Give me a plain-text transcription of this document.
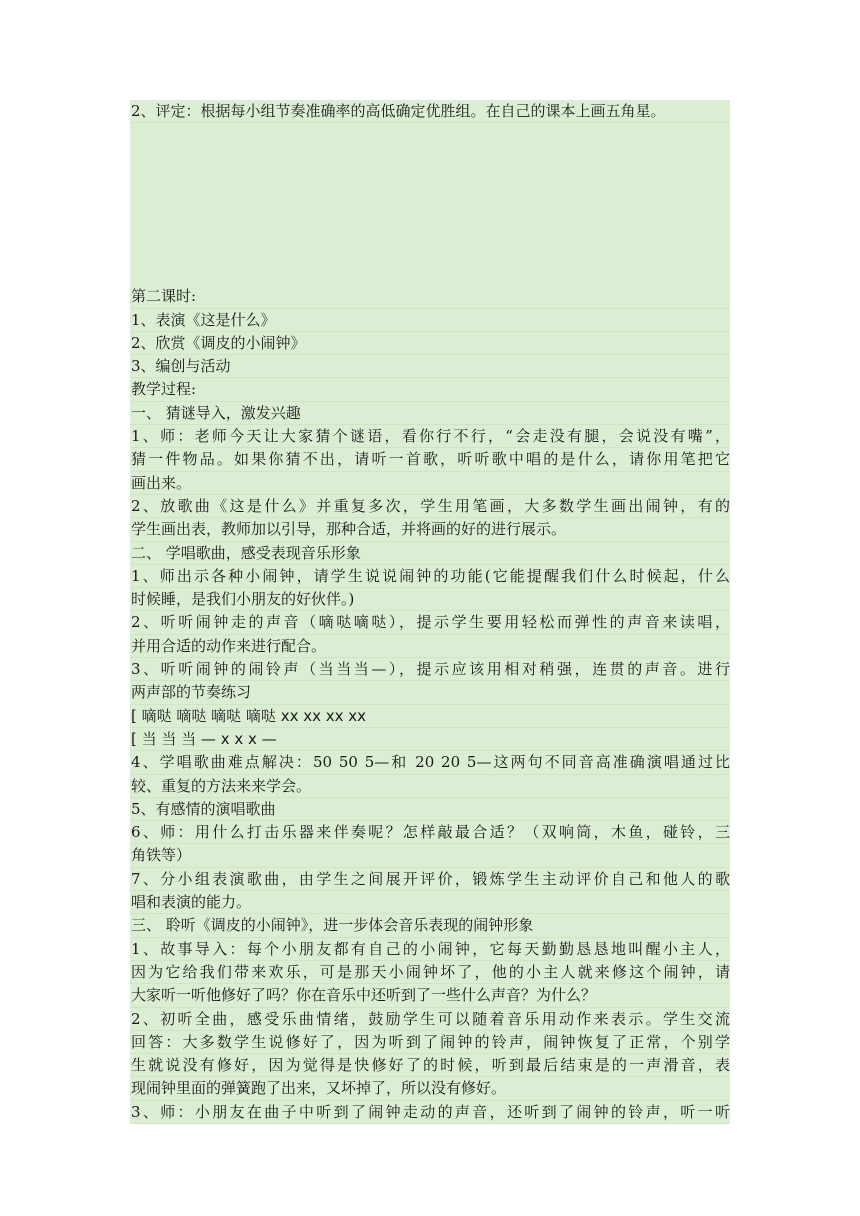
2、评定：根据每小组节奏准确率的高低确定优胜组。在自己的课本上画五角星。
第二课时:
1、表演《这是什么》
2、欣赏《调皮的小闹钟》
3、编创与活动
教学过程:
一、 猜谜导入，激发兴趣
1、师：老师今天让大家猜个谜语，看你行不行，“会走没有腿，会说没有嘴”，
猜一件物品。如果你猜不出，请听一首歌，听听歌中唱的是什么，请你用笔把它
画出来。
2、放歌曲《这是什么》并重复多次，学生用笔画，大多数学生画出闹钟，有的
学生画出表，教师加以引导，那种合适，并将画的好的进行展示。
二、 学唱歌曲，感受表现音乐形象
1、师出示各种小闹钟，请学生说说闹钟的功能(它能提醒我们什么时候起，什么
时候睡，是我们小朋友的好伙伴。)
2、听听闹钟走的声音（嘀哒嘀哒），提示学生要用轻松而弹性的声音来读唱，
并用合适的动作来进行配合。
3、听听闹钟的闹铃声（当当当—），提示应该用相对稍强，连贯的声音。进行
两声部的节奏练习
[ 嘀哒 嘀哒 嘀哒 嘀哒 xx xx xx xx
[ 当 当 当 — x x x —
4、学唱歌曲难点解决：50 50 5—和 20 20 5—这两句不同音高准确演唱通过比
较、重复的方法来来学会。
5、有感情的演唱歌曲
6、师：用什么打击乐器来伴奏呢？怎样敲最合适？（双响筒，木鱼，碰铃，三
角铁等）
7、分小组表演歌曲，由学生之间展开评价，锻炼学生主动评价自己和他人的歌
唱和表演的能力。
三、 聆听《调皮的小闹钟》，进一步体会音乐表现的闹钟形象
1、故事导入：每个小朋友都有自己的小闹钟，它每天勤勤恳恳地叫醒小主人，
因为它给我们带来欢乐，可是那天小闹钟坏了，他的小主人就来修这个闹钟，请
大家听一听他修好了吗？你在音乐中还听到了一些什么声音？为什么？
2、初听全曲，感受乐曲情绪，鼓励学生可以随着音乐用动作来表示。学生交流
回答：大多数学生说修好了，因为听到了闹钟的铃声，闹钟恢复了正常，个别学
生就说没有修好，因为觉得是快修好了的时候，听到最后结束是的一声滑音，表
现闹钟里面的弹簧跑了出来，又坏掉了，所以没有修好。
3、师：小朋友在曲子中听到了闹钟走动的声音，还听到了闹钟的铃声，听一听
